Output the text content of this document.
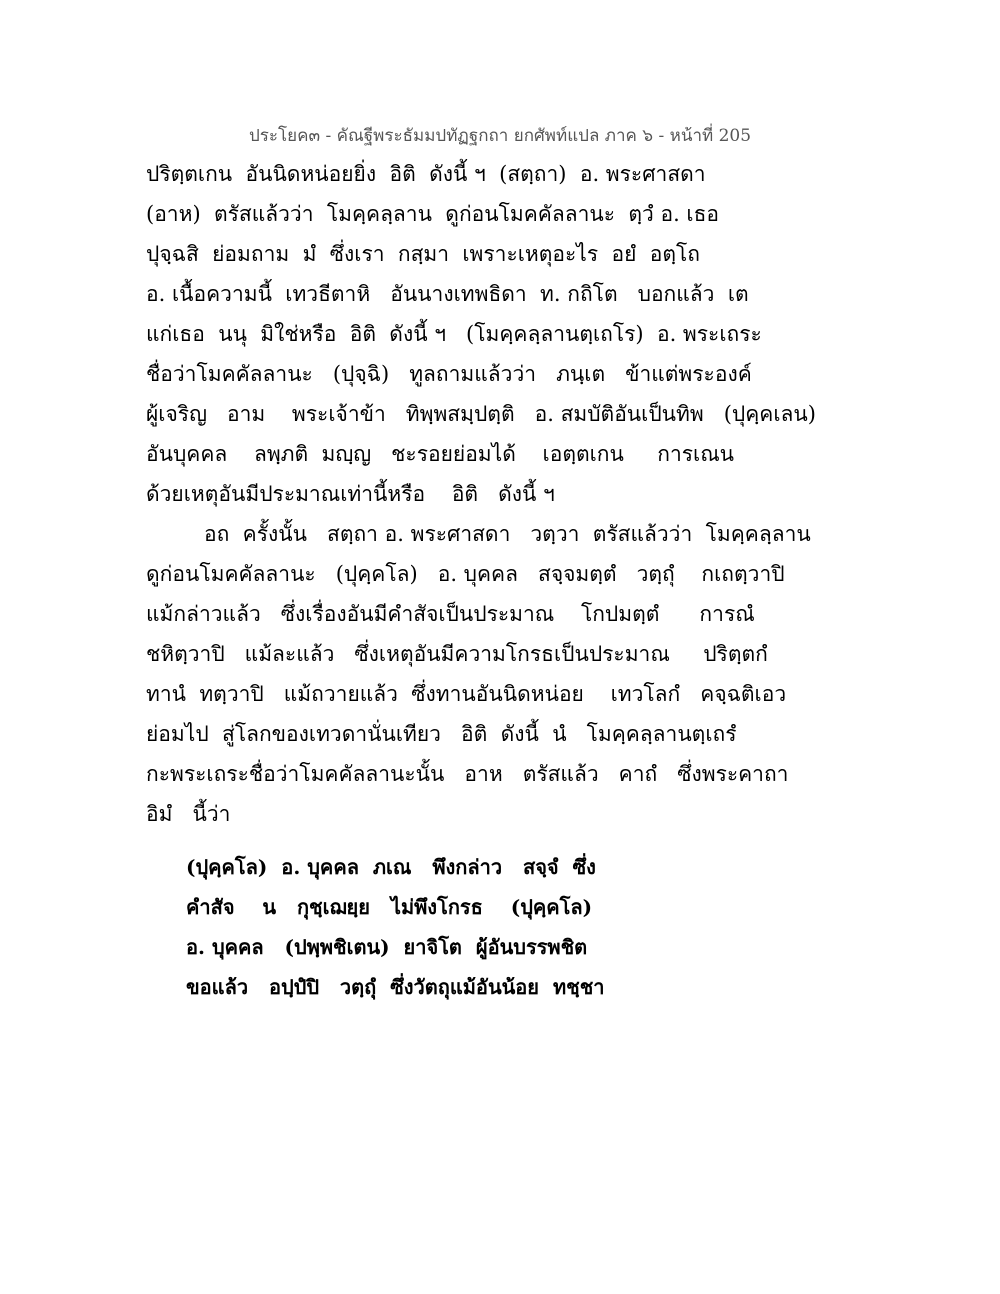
ประโยค๓ - คัณฐีพระธัมมปทัฏฐกถา ยกศัพท์แปล ภาค ๖ - หน้าที่ 205
ปริตฺตเกน  อันนิดหน่อยยิ่ง  อิติ  ดังนี้ ฯ  (สตฺถา)  อ. พระศาสดา
(อาห)  ตรัสแล้วว่า  โมคฺคลฺลาน  ดูก่อนโมคคัลลานะ  ตฺวํ อ. เธอ
ปุจฺฉสิ  ย่อมถาม  มํ  ซึ่งเรา  กสฺมา  เพราะเหตุอะไร  อยํ  อตฺโถ
อ. เนื้อความนี้  เทวธีตาหิ   อันนางเทพธิดา  ท. กถิโต   บอกแล้ว  เต
แก่เธอ  นนุ  มิใช่หรือ  อิติ  ดังนี้ ฯ   (โมคฺคลฺลานตฺเถโร)  อ. พระเถระ
ชื่อว่าโมคคัลลานะ   (ปุจฺฉิ)   ทูลถามแล้วว่า   ภนฺเต   ข้าแต่พระองค์
ผู้เจริญ   อาม    พระเจ้าข้า   ทิพฺพสมฺปตฺติ   อ. สมบัติอันเป็นทิพ   (ปุคฺคเลน)
อันบุคคล    ลพฺภติ  มญฺญ   ชะรอยย่อมได้    เอตฺตเกน     การเณน
ด้วยเหตุอันมีประมาณเท่านี้หรือ    อิติ   ดังนี้ ฯ
อถ  ครั้งนั้น   สตฺถา อ. พระศาสดา   วตฺวา  ตรัสแล้วว่า  โมคฺคลฺลาน
ดูก่อนโมคคัลลานะ   (ปุคฺคโล)   อ. บุคคล   สจฺจมตฺตํ   วตฺถุํ    กเถตฺวาปิ
แม้กล่าวแล้ว   ซึ่งเรื่องอันมีคำสัจเป็นประมาณ    โกปมตฺตํ      การณํ
ชหิตฺวาปิ   แม้ละแล้ว   ซึ่งเหตุอันมีความโกรธเป็นประมาณ     ปริตฺตกํ
ทานํ  ทตฺวาปิ   แม้ถวายแล้ว  ซึ่งทานอันนิดหน่อย    เทวโลกํ   คจฺฉติเอว
ย่อมไป  สู่โลกของเทวดานั่นเทียว   อิติ  ดังนี้  นํ   โมคฺคลฺลานตฺเถรํ
กะพระเถระชื่อว่าโมคคัลลานะนั้น   อาห   ตรัสแล้ว   คาถํ   ซึ่งพระคาถา
อิมํ   นี้ว่า
(ปุคฺคโล)  อ. บุคคล  ภเณ   พึงกล่าว   สจฺจํ  ซึ่ง
คำสัจ    น   กุชฺเฌยฺย   ไม่พึงโกรธ    (ปุคฺคโล)
อ. บุคคล   (ปพฺพชิเตน)  ยาจิโต  ผู้อันบรรพชิต
ขอแล้ว   อปฺปํปิ   วตฺถุํ  ซึ่งวัตถุแม้อันน้อย  ทชฺชา
